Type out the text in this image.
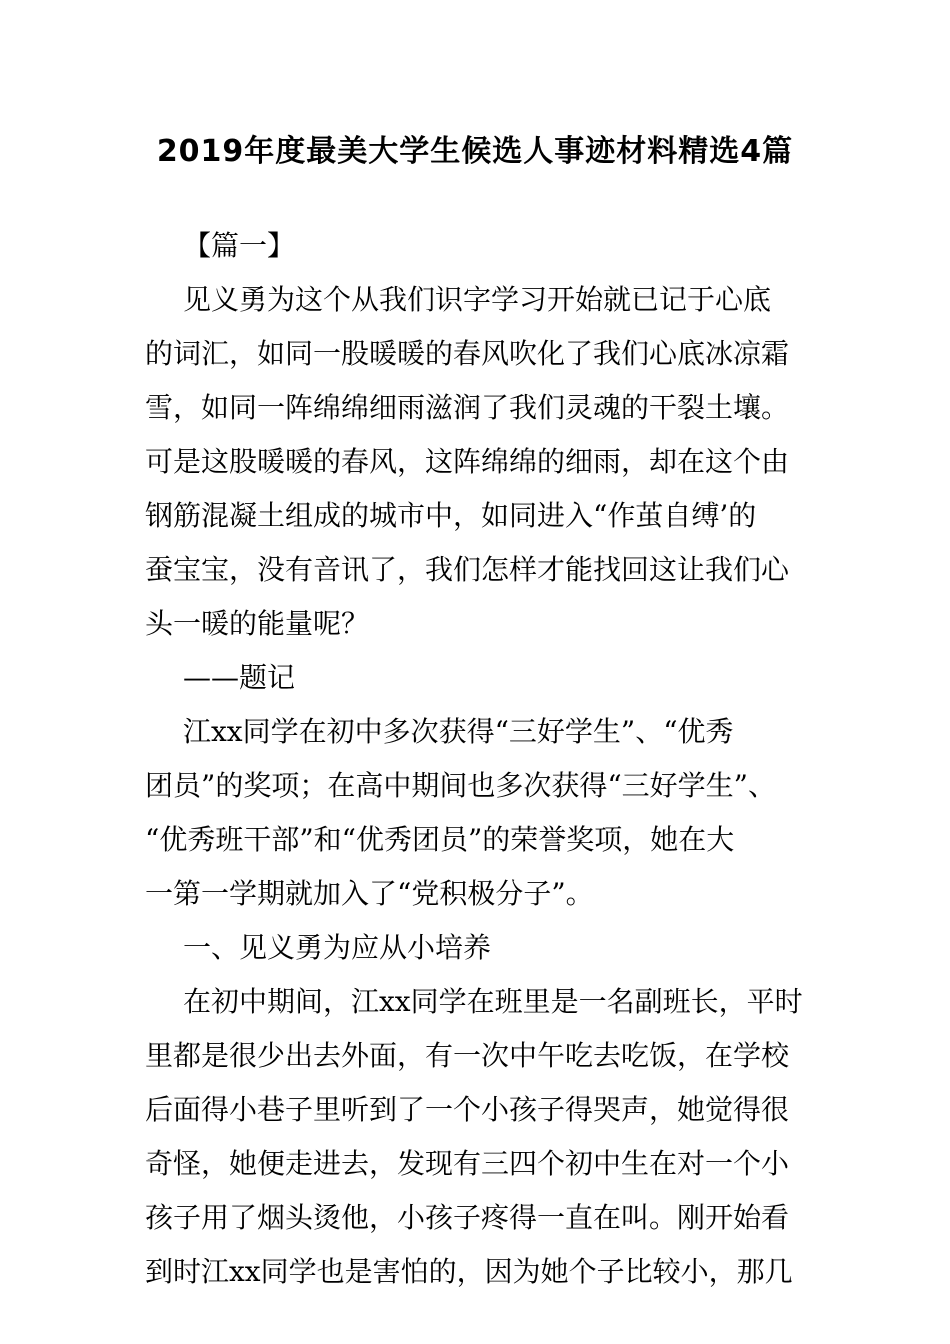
2019年度最美大学生候选人事迹材料精选4篇

【篇一】

见义勇为这个从我们识字学习开始就已记于心底

的词汇，如同一股暖暖的春风吹化了我们心底冰凉霜

雪，如同一阵绵绵细雨滋润了我们灵魂的干裂土壤。

可是这股暖暖的春风，这阵绵绵的细雨，却在这个由

钢筋混凝土组成的城市中，如同进入“作茧自缚’的

蚕宝宝，没有音讯了，我们怎样才能找回这让我们心

头一暖的能量呢？

——题记

江xx同学在初中多次获得“三好学生”、“优秀

团员”的奖项；在高中期间也多次获得“三好学生”、

“优秀班干部”和“优秀团员”的荣誉奖项，她在大

一第一学期就加入了“党积极分子”。

一、见义勇为应从小培养

在初中期间，江xx同学在班里是一名副班长，平时

里都是很少出去外面，有一次中午吃去吃饭，在学校

后面得小巷子里听到了一个小孩子得哭声，她觉得很

奇怪，她便走进去，发现有三四个初中生在对一个小

孩子用了烟头烫他，小孩子疼得一直在叫。刚开始看

到时江xx同学也是害怕的，因为她个子比较小，那几
